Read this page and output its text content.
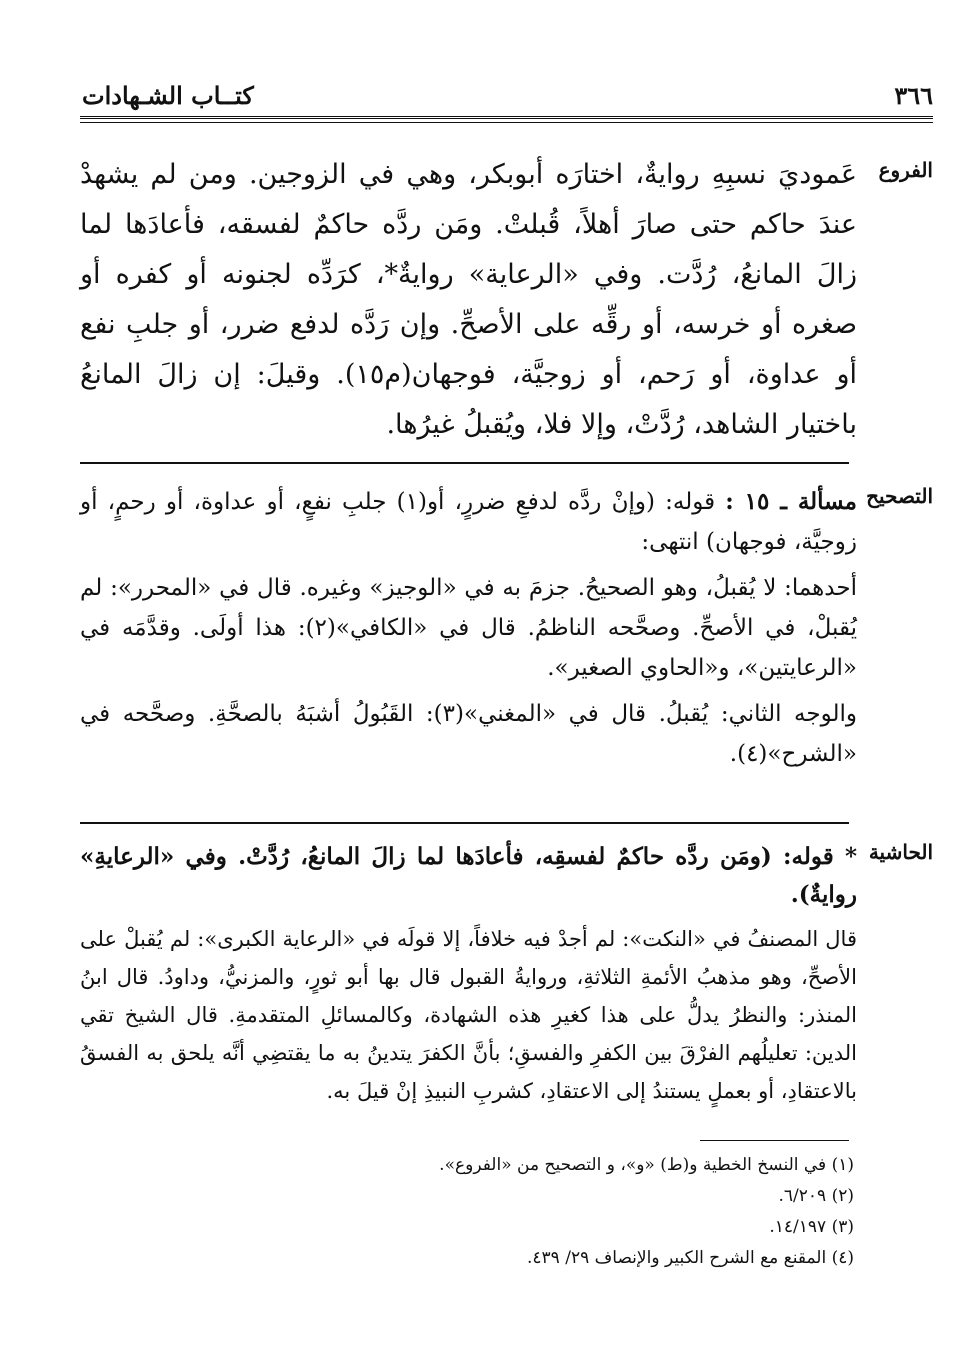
٣٦٦
كتــاب الشـهادات
الفروع
عَموديَ نسبِهِ روايةٌ، اختارَه أبوبكر، وهي في الزوجين. ومن لم يشهدْ عندَ حاكم حتى صارَ أهلاً، قُبلتْ. ومَن ردَّه حاكمٌ لفسقه، فأعادَها لما زالَ المانعُ، رُدَّت. وفي «الرعاية» روايةٌ*، كرَدِّه لجنونه أو كفره أو صغره أو خرسه، أو رقِّه على الأصحِّ. وإن رَدَّه لدفع ضرر، أو جلبِ نفع أو عداوة، أو رَحم، أو زوجيَّة، فوجهان(م١٥). وقيلَ: إن زالَ المانعُ باختيار الشاهد، رُدَّتْ، وإلا فلا، ويُقبلُ غيرُها.
التصحيح

مسألة ـ ١٥ : قوله: (وإنْ ردَّه لدفعِ ضررٍ، أو(١) جلبِ نفعٍ، أو عداوة، أو رحمٍ، أو زوجيَّة، فوجهان) انتهى:

أحدهما: لا يُقبلُ، وهو الصحيحُ. جزمَ به في «الوجيز» وغيره. قال في «المحرر»: لم يُقبلْ، في الأصحِّ. وصحَّحه الناظمُ. قال في «الكافي»(٢): هذا أولَى. وقدَّمَه في «الرعايتين»، و«الحاوي الصغير».

والوجه الثاني: يُقبلُ. قال في «المغني»(٣): القَبُولُ أشبَهُ بالصحَّةِ. وصحَّحه في «الشرح»(٤).

الحاشية
* قوله: (ومَن ردَّه حاكمٌ لفسقِه، فأعادَها لما زالَ المانعُ، رُدَّتْ. وفي «الرعايةِ» روايةٌ).

قال المصنفُ في «النكت»: لم أجدْ فيه خلافاً، إلا قولَه في «الرعاية الكبرى»: لم يُقبلْ على الأصحِّ، وهو مذهبُ الأئمةِ الثلاثةِ، وروايةُ القبول قال بها أبو ثورٍ، والمزنيُّ، وداودُ. قال ابنُ المنذر: والنظرُ يدلُّ على هذا كغيرِ هذه الشهادة، وكالمسائلِ المتقدمةِ. قال الشيخ تقي الدين: تعليلُهم الفرْقَ بين الكفرِ والفسقِ؛ بأنَّ الكفرَ يتدينُ به ما يقتضِي أنَّه يلحق به الفسقُ بالاعتقادِ، أو بعملٍ يستندُ إلى الاعتقادِ، كشربِ النبيذِ إنْ قيلَ به.

(١) في النسخ الخطية و(ط) «و»، و التصحيح من «الفروع».
(٢) ٦/٢٠٩.
(٣) ١٤/١٩٧.
(٤) المقنع مع الشرح الكبير والإنصاف ٢٩/ ٤٣٩.
